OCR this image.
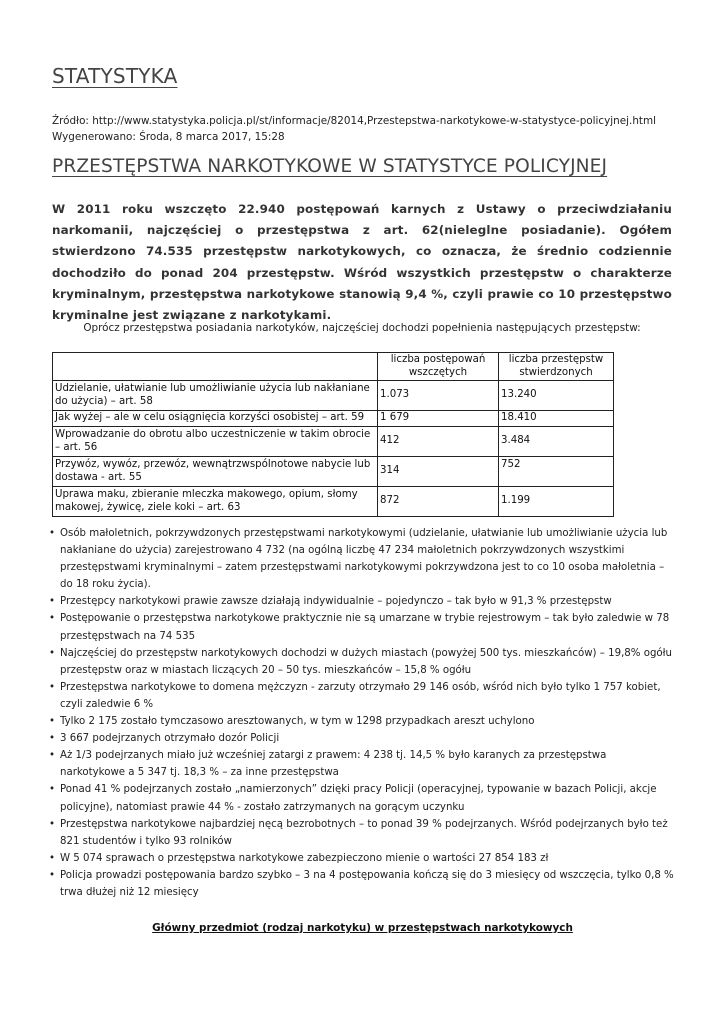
STATYSTYKA
Źródło: http://www.statystyka.policja.pl/st/informacje/82014,Przestepstwa-narkotykowe-w-statystyce-policyjnej.html
Wygenerowano: Środa, 8 marca 2017, 15:28
PRZESTĘPSTWA NARKOTYKOWE W STATYSTYCE POLICYJNEJ
W 2011 roku wszczęto 22.940 postępowań karnych z Ustawy o przeciwdziałaniu narkomanii, najczęściej o przestępstwa z art. 62(nieleglne posiadanie). Ogółem stwierdzono 74.535 przestępstw narkotykowych, co oznacza, że średnio codziennie dochodziło do ponad 204 przestępstw. Wśród wszystkich przestępstw o charakterze kryminalnym, przestępstwa narkotykowe stanowią 9,4 %, czyli prawie co 10 przestępstwo kryminalne jest związane z narkotykami.
Oprócz przestępstwa posiadania narkotyków, najczęściej dochodzi popełnienia następujących przestępstw:
	liczba postępowań wszczętych	liczba przestępstw stwierdzonych
Udzielanie, ułatwianie lub umożliwianie użycia lub nakłaniane do użycia) – art. 58	1.073	13.240
Jak wyżej – ale w celu osiągnięcia korzyści osobistej – art. 59	1 679	18.410
Wprowadzanie do obrotu albo uczestniczenie w takim obrocie – art. 56	412	3.484
Przywóz, wywóz, przewóz, wewnątrzwspólnotowe nabycie lub dostawa - art. 55	314	752
Uprawa maku, zbieranie mleczka makowego, opium, słomy makowej, żywicę, ziele koki – art. 63	872	1.199
• Osób małoletnich, pokrzywdzonych przestępstwami narkotykowymi (udzielanie, ułatwianie lub umożliwianie użycia lub nakłaniane do użycia) zarejestrowano 4 732 (na ogólną liczbę 47 234 małoletnich pokrzywdzonych wszystkimi przestępstwami kryminalnymi – zatem przestępstwami narkotykowymi pokrzywdzona jest to co 10 osoba małoletnia – do 18 roku życia).
• Przestępcy narkotykowi prawie zawsze działają indywidualnie – pojedynczo – tak było w 91,3 % przestępstw
• Postępowanie o przestępstwa narkotykowe praktycznie nie są umarzane w trybie rejestrowym – tak było zaledwie w 78 przestępstwach na 74 535
• Najczęściej do przestępstw narkotykowych dochodzi w dużych miastach (powyżej 500 tys. mieszkańców) – 19,8% ogółu przestępstw oraz w miastach liczących 20 – 50 tys. mieszkańców – 15,8 % ogółu
• Przestępstwa narkotykowe to domena mężczyzn - zarzuty otrzymało 29 146 osób, wśród nich było tylko 1 757 kobiet, czyli zaledwie 6 %
• Tylko 2 175 zostało tymczasowo aresztowanych, w tym w 1298 przypadkach areszt uchylono
• 3 667 podejrzanych otrzymało dozór Policji
• Aż 1/3 podejrzanych miało już wcześniej zatargi z prawem: 4 238 tj. 14,5 % było karanych za przestępstwa narkotykowe a 5 347 tj. 18,3 % – za inne przestępstwa
• Ponad 41 % podejrzanych zostało „namierzonych” dzięki pracy Policji (operacyjnej, typowanie w bazach Policji, akcje policyjne), natomiast prawie 44 % - zostało zatrzymanych na gorącym uczynku
• Przestępstwa narkotykowe najbardziej nęcą bezrobotnych – to ponad 39 % podejrzanych. Wśród podejrzanych było też 821 studentów i tylko 93 rolników
• W 5 074 sprawach o przestępstwa narkotykowe zabezpieczono mienie o wartości 27 854 183 zł
• Policja prowadzi postępowania bardzo szybko – 3 na 4 postępowania kończą się do 3 miesięcy od wszczęcia, tylko 0,8 % trwa dłużej niż 12 miesięcy
Główny przedmiot (rodzaj narkotyku) w przestępstwach narkotykowych
